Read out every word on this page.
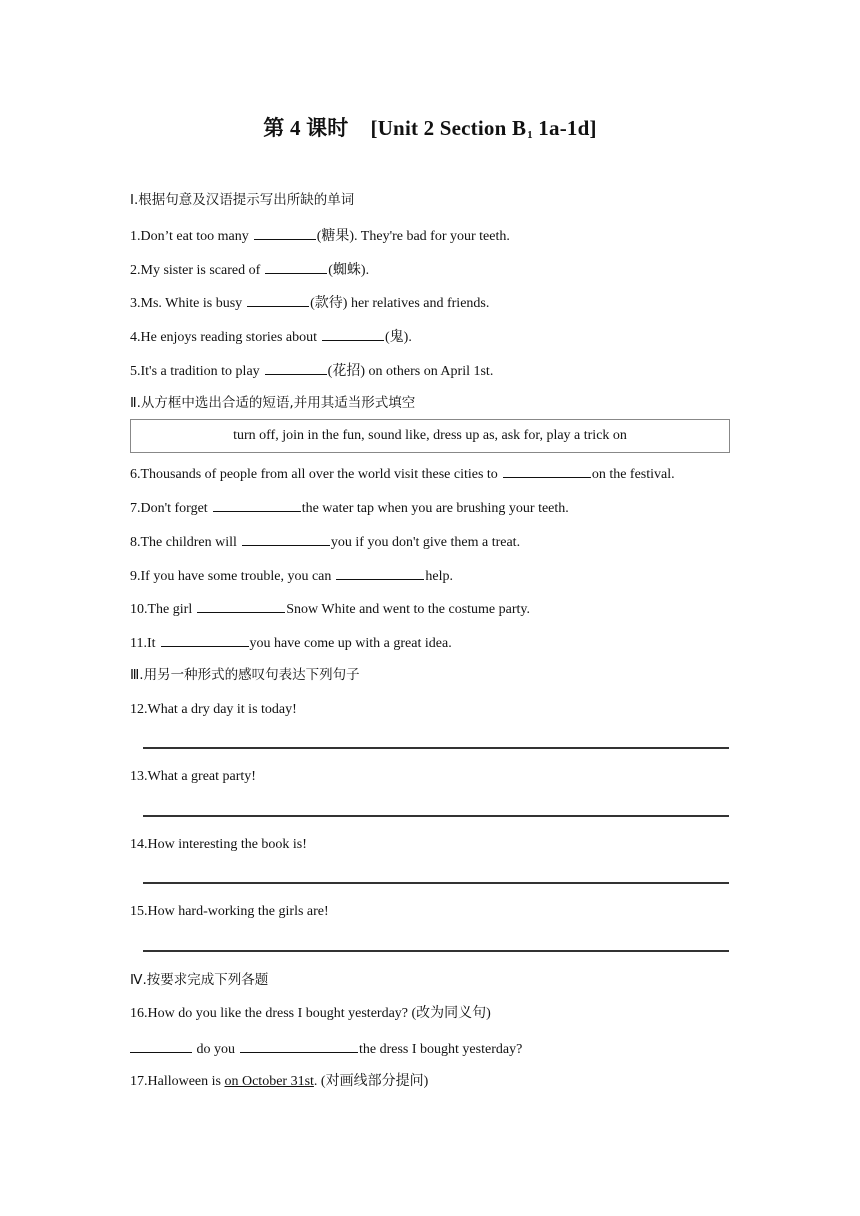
第 4 课时 [Unit 2 Section $B_1$ 1a-1d]
Ⅰ.根据句意及汉语提示写出所缺的单词
1.Don’t eat too many	(糖果). They're bad for your teeth.
2.My sister is scared of	(蜘蛛).
3.Ms. White is busy	(款待) her relatives and friends.
4.He enjoys reading stories about	(鬼).
5.It's a tradition to play	(花招) on others on April 1st.
Ⅱ.从方框中选出合适的短语,并用其适当形式填空
turn off, join in the fun, sound like, dress up as, ask for, play a trick on
6.Thousands of people from all over the world visit these cities to	on the festival.
7.Don't forget	the water tap when you are brushing your teeth.
8.The children will	you if you don't give them a treat.
9.If you have some trouble, you can	help.
10.The girl	Snow White and went to the costume party.
11.It	you have come up with a great idea.
Ⅲ.用另一种形式的感叹句表达下列句子
12.What a dry day it is today!
13.What a great party!
14.How interesting the book is!
15.How hard-working the girls are!
Ⅳ.按要求完成下列各题
16.How do you like the dress I bought yesterday? (改为同义句)
do you	the dress I bought yesterday?
17.Halloween is on October 31st. (对画线部分提问)
